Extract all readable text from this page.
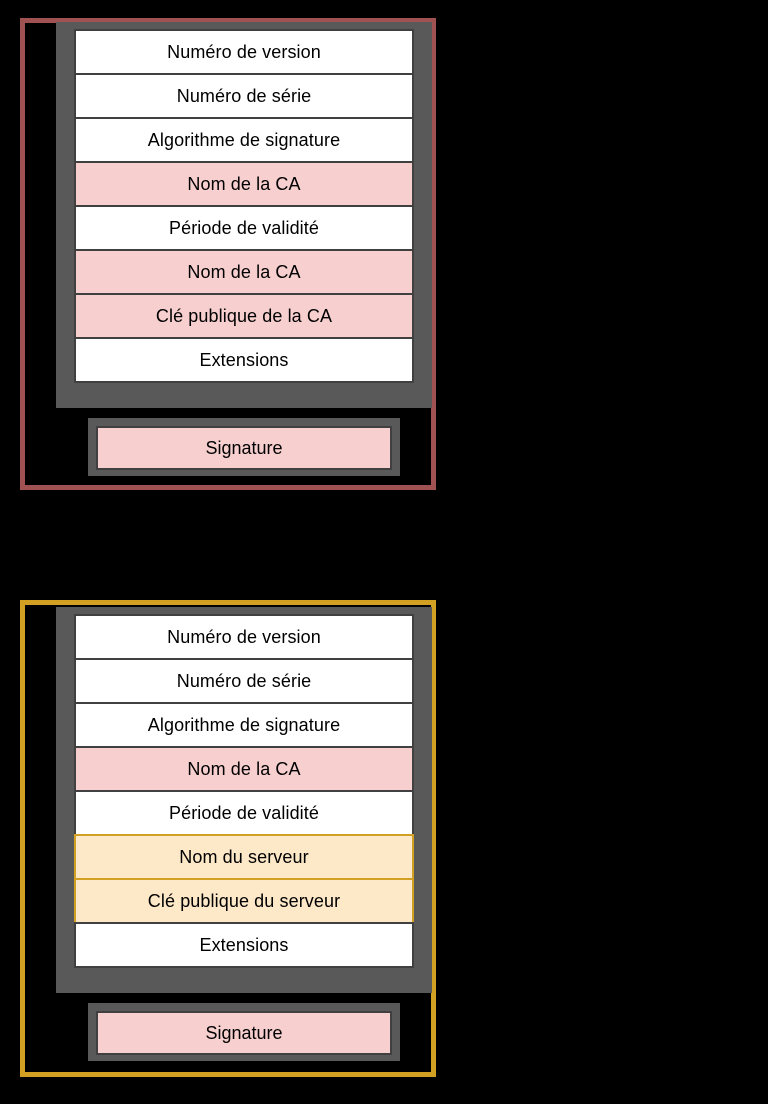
Numéro de version
Numéro de série
Algorithme de signature
Nom de la CA
Période de validité
Nom de la CA
Clé publique de la CA
Extensions
Signature
Numéro de version
Numéro de série
Algorithme de signature
Nom de la CA
Période de validité
Nom du serveur
Clé publique du serveur
Extensions
Signature
